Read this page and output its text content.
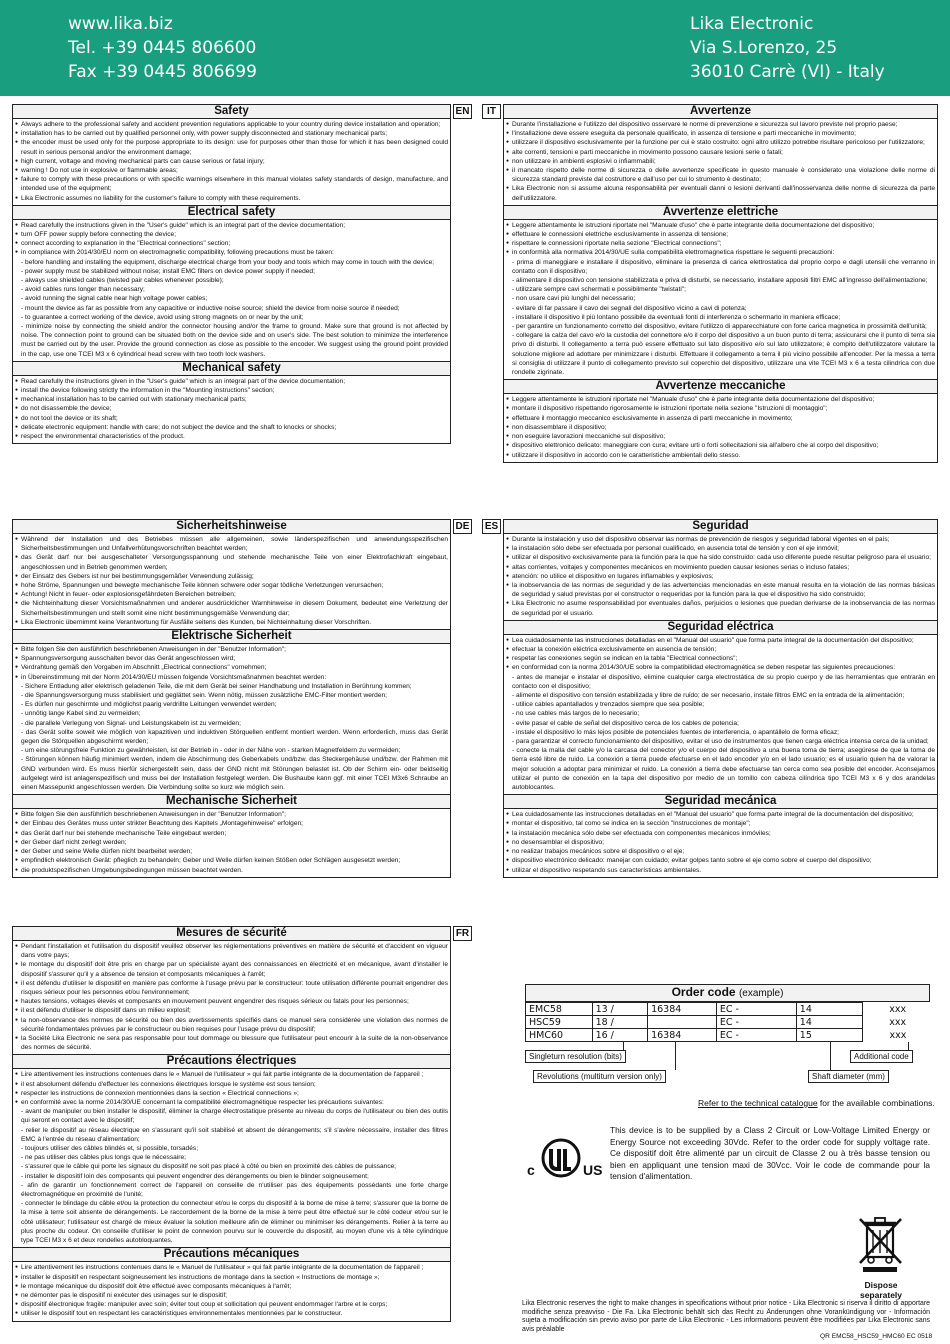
www.lika.biz
Tel. +39 0445 806600
Fax +39 0445 806699
Lika Electronic
Via S.Lorenzo, 25
36010 Carrè (VI) - Italy
Safety	EN
● Always adhere to the professional safety and accident prevention regulations applicable to your country during device installation and operation;
● installation has to be carried out by qualified personnel only, with power supply disconnected and stationary mechanical parts;
● the encoder must be used only for the purpose appropriate to its design: use for purposes other than those for which it has been designed could result in serious personal and/or the environment damage;
● high current, voltage and moving mechanical parts can cause serious or fatal injury;
● warning ! Do not use in explosive or flammable areas;
● failure to comply with these precautions or with specific warnings elsewhere in this manual violates safety standards of design, manufacture, and intended use of the equipment;
● Lika Electronic assumes no liability for the customer's failure to comply with these requirements.
Electrical safety
● Read carefully the instructions given in the "User's guide" which is an integral part of the device documentation;
● turn OFF power supply before connecting the device;
● connect according to explanation in the "Electrical connections" section;
● in compliance with 2014/30/EU norm on electromagnetic compatibility, following precautions must be taken:
- before handling and installing the equipment, discharge electrical charge from your body and tools which may come in touch with the device;
- power supply must be stabilized without noise; install EMC filters on device power supply if needed;
- always use shielded cables (twisted pair cables whenever possible);
- avoid cables runs longer than necessary;
- avoid running the signal cable near high voltage power cables;
- mount the device as far as possible from any capacitive or inductive noise source; shield the device from noise source if needed;
- to guarantee a correct working of the device, avoid using strong magnets on or near by the unit;
- minimize noise by connecting the shield and/or the connector housing and/or the frame to ground. Make sure that ground is not affected by noise. The connection point to ground can be situated both on the device side and on user's side. The best solution to minimize the interference must be carried out by the user. Provide the ground connection as close as possible to the encoder. We suggest using the ground point provided in the cap, use one TCEI M3 x 6 cylindrical head screw with two tooth lock washers.
Mechanical safety
● Read carefully the instructions given in the "User's guide" which is an integral part of the device documentation;
● install the device following strictly the information in the "Mounting instructions" section;
● mechanical installation has to be carried out with stationary mechanical parts;
● do not disassemble the device;
● do not tool the device or its shaft;
● delicate electronic equipment: handle with care; do not subject the device and the shaft to knocks or shocks;
● respect the environmental characteristics of the product.
IT	Avvertenze
● Durante l'installazione e l'utilizzo del dispositivo osservare le norme di prevenzione e sicurezza sul lavoro previste nel proprio paese;
● l'installazione deve essere eseguita da personale qualificato, in assenza di tensione e parti meccaniche in movimento;
● utilizzare il dispositivo esclusivamente per la funzione per cui è stato costruito: ogni altro utilizzo potrebbe risultare pericoloso per l'utilizzatore;
● alte correnti, tensioni e parti meccaniche in movimento possono causare lesioni serie o fatali;
● non utilizzare in ambienti esplosivi o infiammabili;
● il mancato rispetto delle norme di sicurezza o delle avvertenze specificate in questo manuale è considerato una violazione delle norme di sicurezza standard previste dal costruttore e dall'uso per cui lo strumento è destinato;
● Lika Electronic non si assume alcuna responsabilità per eventuali danni o lesioni derivanti dall'inosservanza delle norme di sicurezza da parte dell'utilizzatore.
Avvertenze elettriche
● Leggere attentamente le istruzioni riportate nel "Manuale d'uso" che è parte integrante della documentazione del dispositivo;
● effettuare le connessioni elettriche esclusivamente in assenza di tensione;
● rispettare le connessioni riportate nella sezione "Electrical connections";
● in conformità alla normativa 2014/30/UE sulla compatibilità elettromagnetica rispettare le seguenti precauzioni:
- prima di maneggiare e installare il dispositivo, eliminare la presenza di carica elettrostatica dal proprio corpo e dagli utensili che verranno in contatto con il dispositivo;
- alimentare il dispositivo con tensione stabilizzata e priva di disturbi, se necessario, installare appositi filtri EMC all'ingresso dell'alimentazione;
- utilizzare sempre cavi schermati e possibilmente "twistati";
- non usare cavi più lunghi del necessario;
- evitare di far passare il cavo dei segnali del dispositivo vicino a cavi di potenza;
- installare il dispositivo il più lontano possibile da eventuali fonti di interferenza o schermarlo in maniera efficace;
- per garantire un funzionamento corretto del dispositivo, evitare l'utilizzo di apparecchiature con forte carica magnetica in prossimità dell'unità;
- collegare la calza del cavo e/o la custodia del connettore e/o il corpo del dispositivo a un buon punto di terra; assicurarsi che il punto di terra sia privo di disturbi. Il collegamento a terra può essere effettuato sul lato dispositivo e/o sul lato utilizzatore; è compito dell'utilizzatore valutare la soluzione migliore ad adottare per minimizzare i disturbi. Effettuare il collegamento a terra il più vicino possibile all'encoder. Per la messa a terra si consiglia di utilizzare il punto di collegamento previsto sul coperchio del dispositivo, utilizzare una vite TCEI M3 x 6 a testa cilindrica con due rondelle zigrinate.
Avvertenze meccaniche
● Leggere attentamente le istruzioni riportate nel "Manuale d'uso" che è parte integrante della documentazione del dispositivo;
● montare il dispositivo rispettando rigorosamente le istruzioni riportate nella sezione "Istruzioni di montaggio";
● effettuare il montaggio meccanico esclusivamente in assenza di parti meccaniche in movimento;
● non disassemblare il dispositivo;
● non eseguire lavorazioni meccaniche sul dispositivo;
● dispositivo elettronico delicato: maneggiare con cura; evitare urti o forti sollecitazioni sia all'albero che al corpo del dispositivo;
● utilizzare il dispositivo in accordo con le caratteristiche ambientali dello stesso.
Sicherheitshinweise	DE
● Während der Installation und des Betriebes müssen alle allgemeinen, sowie länderspezifischen und anwendungsspezifischen Sicherheitsbestimmungen und Unfallverhütungsvorschriften beachtet werden;
● das Gerät darf nur bei ausgeschalteter Versorgungsspannung und stehende mechanische Teile von einer Elektrofachkraft eingebaut, angeschlossen und in Betrieb genommen werden;
● der Einsatz des Gebers ist nur bei bestimmungsgemäßer Verwendung zulässig;
● hohe Ströme, Spannungen und bewegte mechanische Teile können schwere oder sogar tödliche Verletzungen verursachen;
● Achtung! Nicht in feuer- oder explosionsgefährdeten Bereichen betreiben;
● die Nichteinhaltung dieser Vorsichtsmaßnahmen und anderer ausdrücklicher Warnhinweise in diesem Dokument, bedeutet eine Verletzung der Sicherheitsbestimmungen und stellt somit eine nicht bestimmungsgemäße Verwendung dar;
● Lika Electronic übernimmt keine Verantwortung für Ausfälle seitens des Kunden, bei Nichteinhaltung dieser Vorschriften.
Elektrische Sicherheit
● Bitte folgen Sie den ausführlich beschriebenen Anweisungen in der "Benutzer Information";
● Spannungsversorgung ausschalten bevor das Gerät angeschlossen wird;
● Verdrahtung gemäß den Vorgaben im Abschnitt „Electrical connections" vornehmen;
● in Übereinstimmung mit der Norm 2014/30/EU müssen folgende Vorsichtsmaßnahmen beachtet werden:
- Sichere Entladung aller elektrisch geladenen Teile, die mit dem Gerät bei seiner Handhabung und Installation in Berührung kommen;
- die Spannungsversorgung muss stabilisiert und geglättet sein. Wenn nötig, müssen zusätzliche EMC-Filter montiert werden;
- Es dürfen nur geschirmte und möglichst paarig verdrillte Leitungen verwendet werden;
- unnötig lange Kabel sind zu vermeiden;
- die parallele Verlegung von Signal- und Leistungskabeln ist zu vermeiden;
- das Gerät sollte soweit wie möglich von kapazitiven und induktiven Störquellen entfernt montiert werden. Wenn erforderlich, muss das Gerät gegen die Störquellen abgeschirmt werden;
- um eine störungsfreie Funktion zu gewährleisten, ist der Betrieb in - oder in der Nähe von - starken Magnetfeldern zu vermeiden;
- Störungen können häufig minimiert werden, indem die Abschirmung des Geberkabels und/bzw. das Steckergehäuse und/bzw. der Rahmen mit GND verbunden wird. Es muss hierfür sichergestellt sein, dass der GND nicht mit Störungen belastet ist. Ob der Schirm ein- oder beidseitig aufgelegt wird ist anlagenspezifisch und muss bei der Installation festgelegt werden. Die Bushaube kann ggf. mit einer TCEI M3x6 Schraube an einen Massepunkt angeschlossen werden. Die Verbindung sollte so kurz wie möglich sein.
Mechanische Sicherheit
● Bitte folgen Sie den ausführlich beschriebenen Anweisungen in der "Benutzer Information";
● der Einbau des Gerätes muss unter strikter Beachtung des Kapitels „Montagehinweise" erfolgen;
● das Gerät darf nur bei stehende mechanische Teile eingebaut werden;
● der Geber darf nicht zerlegt werden;
● der Geber und seine Welle dürfen nicht bearbeitet werden;
● empfindlich elektronisch Gerät: pfleglich zu behandeln; Geber und Welle dürfen keinen Stößen oder Schlägen ausgesetzt werden;
● die produktspezifischen Umgebungsbedingungen müssen beachtet werden.
ES	Seguridad
● Durante la instalación y uso del dispositivo observar las normas de prevención de riesgos y seguridad laboral vigentes en el país;
● la instalación sólo debe ser efectuada por personal cualificado, en ausencia total de tensión y con el eje inmóvil;
● utilizar el dispositivo exclusivamente para la función para la que ha sido construido: cada uso diferente puede resultar peligroso para el usuario;
● altas corrientes, voltajes y componentes mecánicos en movimiento pueden causar lesiones serias o incluso fatales;
● atención: no utilice el dispositivo en lugares inflamables y explosivos;
● la inobservancia de las normas de seguridad y de las advertencias mencionadas en este manual resulta en la violación de las normas básicas de seguridad y salud previstas por el constructor o requeridas por la función para la que el dispositivo ha sido construido;
● Lika Electronic no asume responsabilidad por eventuales daños, perjuicios o lesiones que puedan derivarse de la inobservancia de las normas de seguridad por el usuario.
Seguridad eléctrica
● Lea cuidadosamente las instrucciones detalladas en el "Manual del usuario" que forma parte integral de la documentación del dispositivo;
● efectuar la conexión eléctrica exclusivamente en ausencia de tensión;
● respetar las conexiones según se indican en la tabla "Electrical connections";
● en conformidad con la norma 2014/30/UE sobre la compatibilidad electromagnética se deben respetar las siguientes precauciones:
- antes de manejar e instalar el dispositivo, elimine cualquier carga electrostática de su propio cuerpo y de las herramientas que entrarán en contacto con el dispositivo;
- alimente el dispositivo con tensión estabilizada y libre de ruido; de ser necesario, instale filtros EMC en la entrada de la alimentación;
- utilice cables apantallados y trenzados siempre que sea posible;
- no use cables más largos de lo necesario;
- evite pasar el cable de señal del dispositivo cerca de los cables de potencia;
- instale el dispositivo lo más lejos posible de potenciales fuentes de interferencia, o apantállelo de forma eficaz;
- para garantizar el correcto funcionamiento del dispositivo, evitar el uso de instrumentos que tienen carga eléctrica intensa cerca de la unidad;
- conecte la malla del cable y/o la carcasa del conector y/o el cuerpo del dispositivo a una buena toma de tierra; asegúrese de que la toma de tierra esté libre de ruido. La conexión a tierra puede efectuarse en el lado encoder y/o en el lado usuario; es el usuario quien ha de valorar la mejor solución a adoptar para minimizar el ruido. La conexión a tierra debe efectuarse tan cerca como sea posible del encoder. Aconsejamos utilizar el punto de conexión en la tapa del dispositivo por medio de un tornillo con cabeza cilíndrica tipo TCEI M3 x 6 y dos arandelas autoblocantes.
Seguridad mecánica
● Lea cuidadosamente las instrucciones detalladas en el "Manual del usuario" que forma parte integral de la documentación del dispositivo;
● montar el dispositivo, tal como se indica en la sección "Instrucciones de montaje";
● la instalación mecánica sólo debe ser efectuada con componentes mecánicos inmóviles;
● no desensamblar el dispositivo;
● no realizar trabajos mecánicos sobre el dispositivo o el eje;
● dispositivo electrónico delicado: manejar con cuidado; evitar golpes tanto sobre el eje como sobre el cuerpo del dispositivo;
● utilizar el dispositivo respetando sus características ambientales.
Mesures de sécurité	FR
● Pendant l'installation et l'utilisation du dispositif veuillez observer les réglementations préventives en matière de sécurité et d'accident en vigueur dans votre pays;
● le montage du dispositif doit être pris en charge par un spécialiste ayant des connaissances en électricité et en mécanique, avant d'installer le dispositif s'assurer qu'il y a absence de tension et composants mécaniques à l'arrêt;
● il est défendu d'utiliser le dispositif en manière pas conforme à l'usage prévu par le constructeur: toute utilisation différente pourrait engendrer des risques sérieux pour les personnes et/ou l'environnement;
● hautes tensions, voltages élevés et composants en mouvement peuvent engendrer des risques sérieux ou fatals pour les personnes;
● il est défendu d'utiliser le dispositif dans un milieu explosif;
● la non-observance des normes de sécurité ou bien des avertissements spécifiés dans ce manuel sera considérée une violation des normes de sécurité fondamentales prévues par le constructeur ou bien requises pour l'usage prévu du dispositif;
● la Société Lika Electronic ne sera pas responsable pour tout dommage ou blessure que l'utilisateur peut encourir à la suite de la non-observance des normes de sécurité.
Précautions électriques
● Lire attentivement les instructions contenues dans le « Manuel de l'utilisateur » qui fait partie intégrante de la documentation de l'appareil ;
● il est absolument défendu d'effectuer les connexions électriques lorsque le système est sous tension;
● respecter les instructions de connexion mentionnées dans la section « Electrical connections »;
● en conformité avec la norme 2014/30/UE concernant la compatibilité électromagnétique respecter les précautions suivantes:
- avant de manipuler ou bien installer le dispositif, éliminer la charge électrostatique présente au niveau du corps de l'utilisateur ou bien des outils qui seront en contact avec le dispositif;
- relier le dispositif au réseau électrique en s'assurant qu'il soit stabilisé et absent de dérangements; s'il s'avère nécessaire, installer des filtres EMC à l'entrée du réseau d'alimentation;
- toujours utiliser des câbles blindés et, si possible, torsadés;
- ne pas utiliser des câbles plus longs que le nécessaire;
- s'assurer que le câble qui porte les signaux du dispositif ne soit pas placé à côté ou bien en proximité des câbles de puissance;
- installer le dispositif loin des composants qui peuvent engendrer des dérangements ou bien le blinder soigneusement;
- afin de garantir un fonctionnement correct de l'appareil on conseille de n'utiliser pas des équipements possédants une forte charge électromagnétique en proximité de l'unité;
- connecter le blindage du câble et/ou la protection du connecteur et/ou le corps du dispositif à la borne de mise à terre; s'assurer que la borne de la mise à terre soit absente de dérangements. Le raccordement de la borne de la mise à terre peut être effectué sur le côté codeur et/ou sur le côté utilisateur; l'utilisateur est chargé de mieux évaluer la solution meilleure afin de éliminer ou minimiser les dérangements. Relier à la terre au plus proche du codeur. On conseille d'utiliser le point de connexion pourvu sur le couvercle du dispositif, au moyen d'une vis à tête cylindrique type TCEI M3 x 6 et deux rondelles autobloquantes.
Précautions mécaniques
● Lire attentivement les instructions contenues dans le « Manuel de l'utilisateur » qui fait partie intégrante de la documentation de l'appareil ;
● installer le dispositif en respectant soigneusement les instructions de montage dans la section « Instructions de montage »;
● le montage mécanique du dispositif doit être effectué avec composants mécaniques à l'arrêt;
● ne démonter pas le dispositif ni exécuter des usinages sur le dispositif;
● dispositif électronique fragile: manipuler avec soin; éviter tout coup et sollicitation qui peuvent endommager l'arbre et le corps;
● utiliser le dispositif tout en respectant les caractéristiques environnementales mentionnées par le constructeur.
Order code (example)
EMC58	13 /	16384	EC -	14	xxx
HSC59	18 /		EC -	14	xxx
HMC60	16 /	16384	EC -	15	xxx
Singleturn resolution (bits)
Revolutions (multiturn version only)	Shaft diameter (mm)
Additional code
Refer to the technical catalogue for the available combinations.
c	US
This device is to be supplied by a Class 2 Circuit or Low-Voltage Limited Energy or Energy Source not exceeding 30Vdc. Refer to the order code for supply voltage rate. Ce dispositif doit être alimenté par un circuit de Classe 2 ou à très basse tension ou bien en appliquant une tension maxi de 30Vcc. Voir le code de commande pour la tension d'alimentation.
Dispose separately
Lika Electronic reserves the right to make changes in specifications without prior notice - Lika Electronic si riserva il diritto di apportare modifiche senza preavviso - Die Fa. Lika Electronic behält sich das Recht zu Änderungen ohne Vorankündigung vor - Información sujeta a modificación sin previo aviso por parte de Lika Electronic - Les informations peuvent être modifiées par Lika Electronic sans avis préalable
QR EMC58_HSC59_HMC60 EC 0518
